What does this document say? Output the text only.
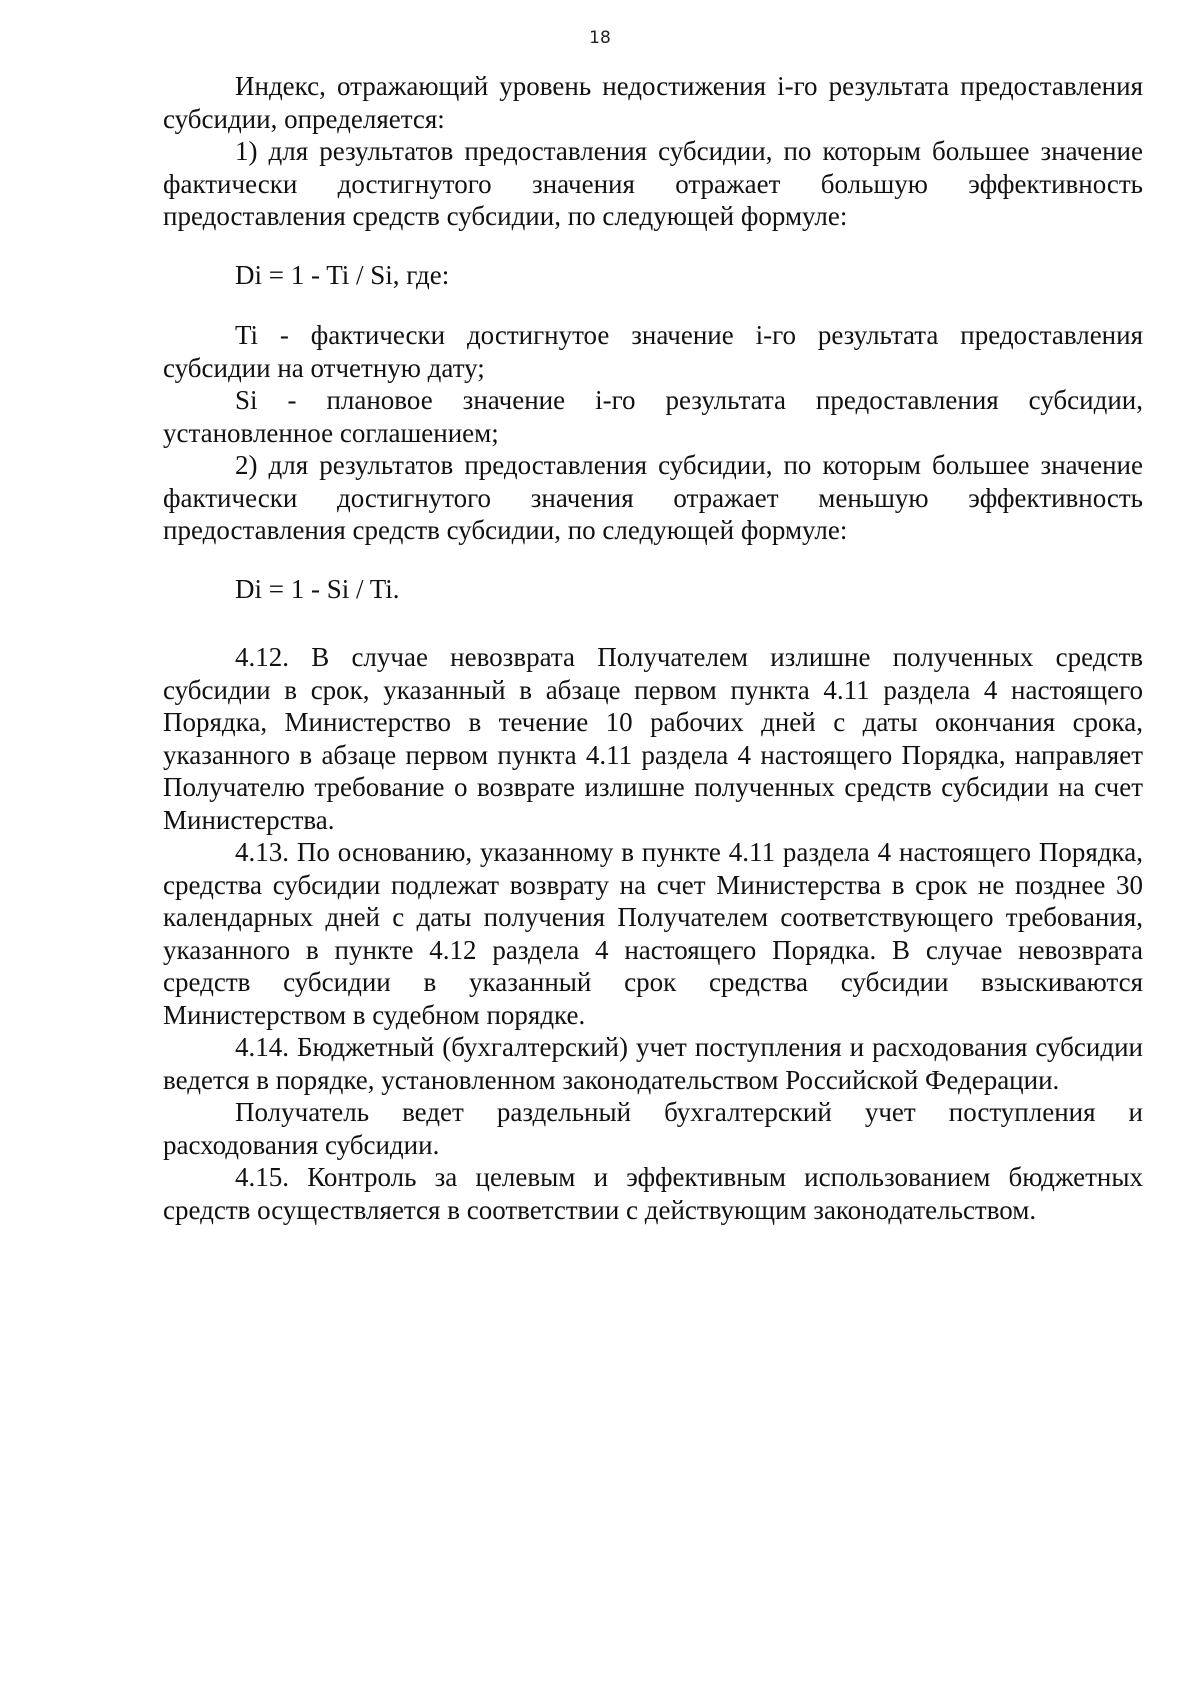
18

Индекс, отражающий уровень недостижения i-го результата предоставления субсидии, определяется:

1) для результатов предоставления субсидии, по которым большее значение фактически достигнутого значения отражает большую эффективность предоставления средств субсидии, по следующей формуле:

Di = 1 - Ti / Si, где:

Ti - фактически достигнутое значение i-го результата предоставления субсидии на отчетную дату;

Si - плановое значение i-го результата предоставления субсидии, установленное соглашением;

2) для результатов предоставления субсидии, по которым большее значение фактически достигнутого значения отражает меньшую эффективность предоставления средств субсидии, по следующей формуле:

Di = 1 - Si / Ti.

4.12. В случае невозврата Получателем излишне полученных средств субсидии в срок, указанный в абзаце первом пункта 4.11 раздела 4 настоящего Порядка, Министерство в течение 10 рабочих дней с даты окончания срока, указанного в абзаце первом пункта 4.11 раздела 4 настоящего Порядка, направляет Получателю требование о возврате излишне полученных средств субсидии на счет Министерства.

4.13. По основанию, указанному в пункте 4.11 раздела 4 настоящего Порядка, средства субсидии подлежат возврату на счет Министерства в срок не позднее 30 календарных дней с даты получения Получателем соответствующего требования, указанного в пункте 4.12 раздела 4 настоящего Порядка. В случае невозврата средств субсидии в указанный срок средства субсидии взыскиваются Министерством в судебном порядке.

4.14. Бюджетный (бухгалтерский) учет поступления и расходования субсидии ведется в порядке, установленном законодательством Российской Федерации.

Получатель ведет раздельный бухгалтерский учет поступления и расходования субсидии.

4.15. Контроль за целевым и эффективным использованием бюджетных средств осуществляется в соответствии с действующим законодательством.
